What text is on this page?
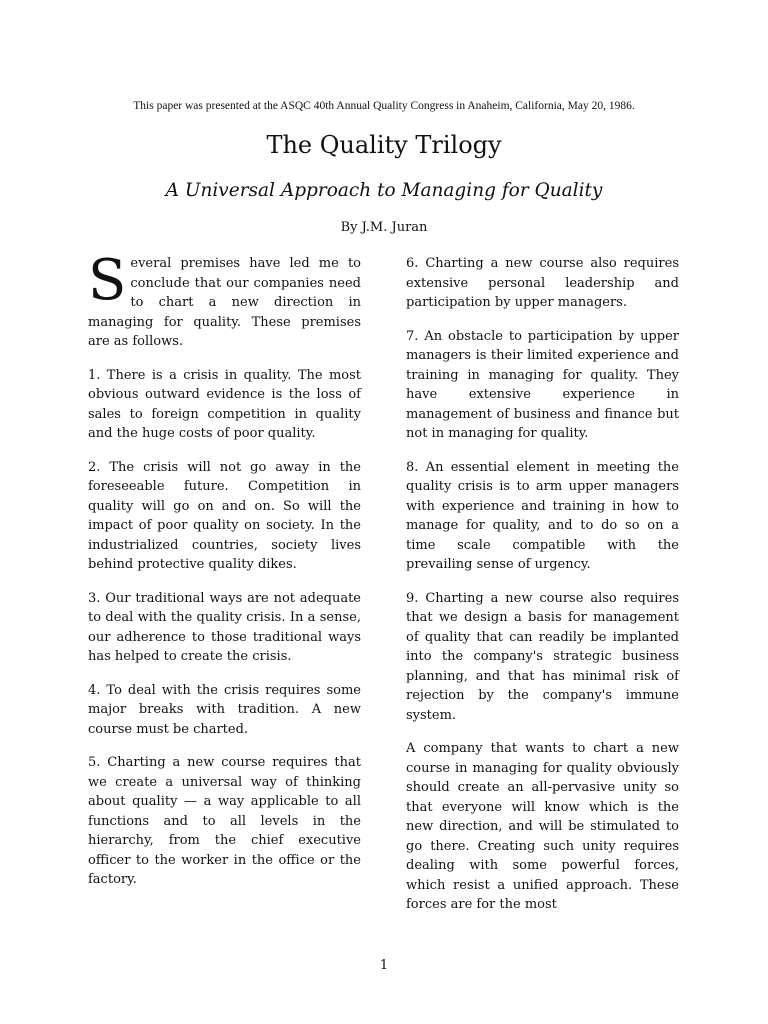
This paper was presented at the ASQC 40th Annual Quality Congress in Anaheim, California, May 20, 1986.
The Quality Trilogy
A Universal Approach to Managing for Quality
By J.M. Juran

Several premises have led me to conclude that our companies need to chart a new direction in managing for quality. These premises are as follows.

1. There is a crisis in quality. The most obvious outward evidence is the loss of sales to foreign competition in quality and the huge costs of poor quality.

2. The crisis will not go away in the foreseeable future. Competition in quality will go on and on. So will the impact of poor quality on society. In the industrialized countries, society lives behind protective quality dikes.

3. Our traditional ways are not adequate to deal with the quality crisis. In a sense, our adherence to those traditional ways has helped to create the crisis.

4. To deal with the crisis requires some major breaks with tradition. A new course must be charted.

5. Charting a new course requires that we create a universal way of thinking about quality — a way applicable to all functions and to all levels in the hierarchy, from the chief executive officer to the worker in the office or the factory.

6. Charting a new course also requires extensive personal leadership and participation by upper managers.

7. An obstacle to participation by upper managers is their limited experience and training in managing for quality. They have extensive experience in management of business and finance but not in managing for quality.

8. An essential element in meeting the quality crisis is to arm upper managers with experience and training in how to manage for quality, and to do so on a time scale compatible with the prevailing sense of urgency.

9. Charting a new course also requires that we design a basis for management of quality that can readily be implanted into the company's strategic business planning, and that has minimal risk of rejection by the company's immune system.

A company that wants to chart a new course in managing for quality obviously should create an all-pervasive unity so that everyone will know which is the new direction, and will be stimulated to go there. Creating such unity requires dealing with some powerful forces, which resist a unified approach. These forces are for the most

1
